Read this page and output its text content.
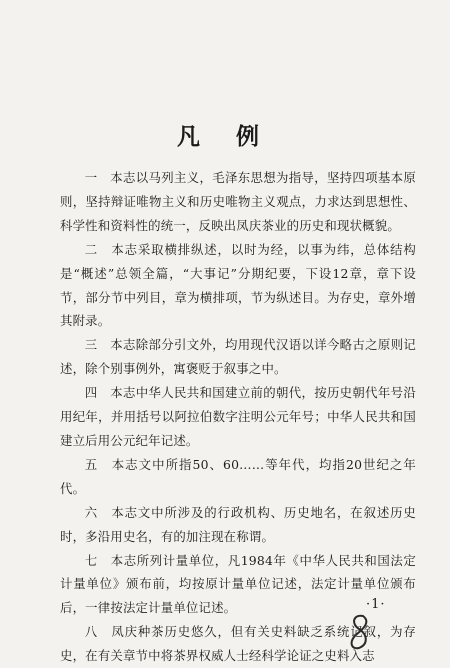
凡 例

一　本志以马列主义，毛泽东思想为指导，坚持四项基本原则，坚持辩证唯物主义和历史唯物主义观点，力求达到思想性、科学性和资料性的统一，反映出凤庆茶业的历史和现状概貌。

二　本志采取横排纵述，以时为经，以事为纬，总体结构是“概述”总领全篇，“大事记”分期纪要，下设12章，章下设节，部分节中列目，章为横排项，节为纵述目。为存史，章外增其附录。

三　本志除部分引文外，均用现代汉语以详今略古之原则记述，除个别事例外，寓褒贬于叙事之中。

四　本志中华人民共和国建立前的朝代，按历史朝代年号沿用纪年，并用括号以阿拉伯数字注明公元年号；中华人民共和国建立后用公元纪年记述。

五　本志文中所指50、60……等年代，均指20世纪之年代。

六　本志文中所涉及的行政机构、历史地名，在叙述历史时，多沿用史名，有的加注现在称谓。

七　本志所列计量单位，凡1984年《中华人民共和国法定计量单位》颁布前，均按原计量单位记述，法定计量单位颁布后，一律按法定计量单位记述。

八　凤庆种茶历史悠久，但有关史料缺乏系统记叙，为存史，在有关章节中将茶界权威人士经科学论证之史料入志

·1·
